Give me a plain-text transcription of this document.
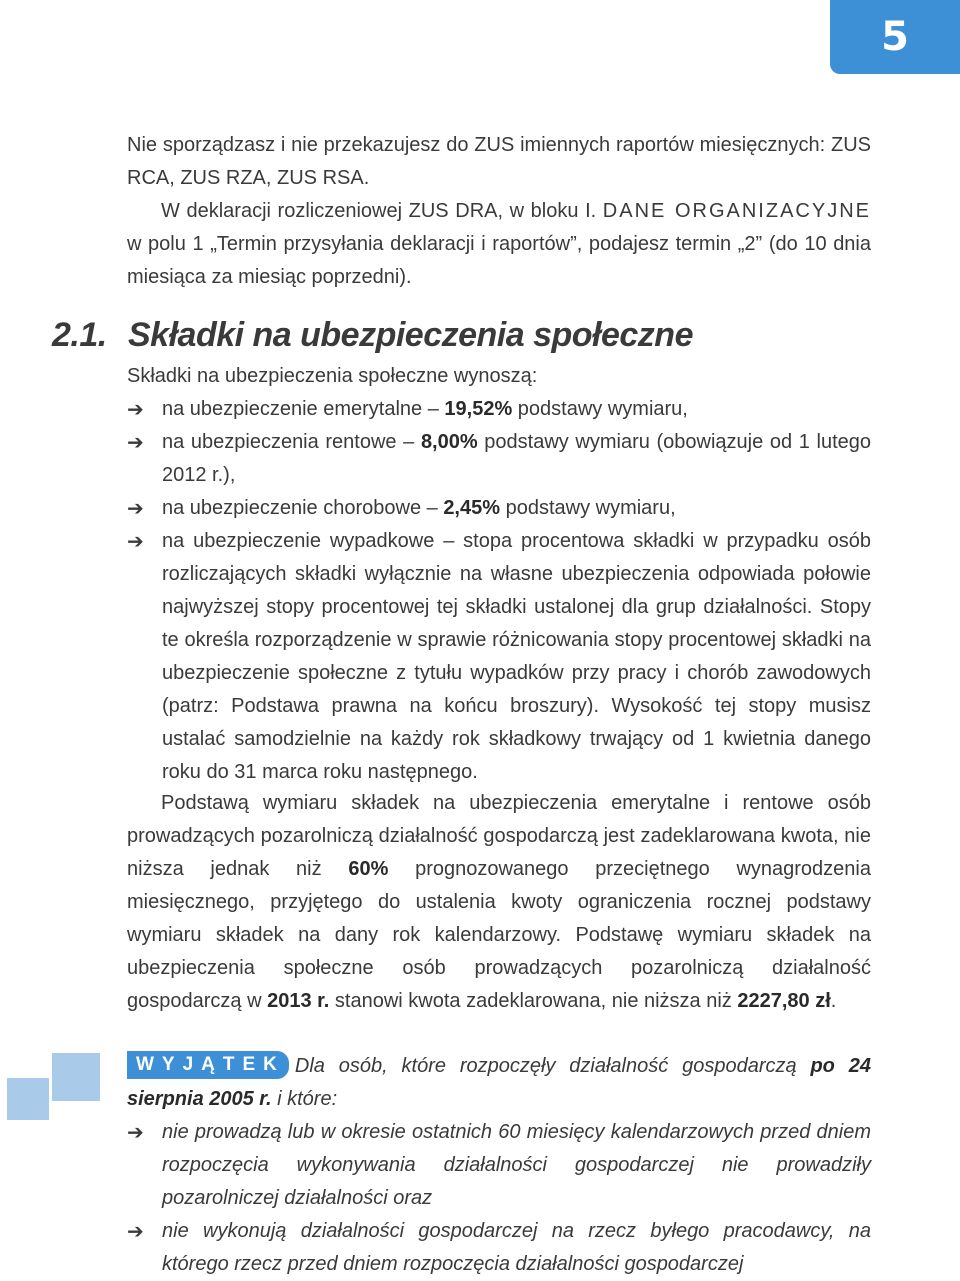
5

Nie sporządzasz i nie przekazujesz do ZUS imiennych raportów miesięcznych: ZUS RCA, ZUS RZA, ZUS RSA.

W deklaracji rozliczeniowej ZUS DRA, w bloku I. DANE ORGANIZACYJNE w polu 1 „Termin przysyłania deklaracji i raportów”, podajesz termin „2” (do 10 dnia miesiąca za miesiąc poprzedni).

2.1. Składki na ubezpieczenia społeczne

Składki na ubezpieczenia społeczne wynoszą:

➔ na ubezpieczenie emerytalne – 19,52% podstawy wymiaru,
➔ na ubezpieczenia rentowe – 8,00% podstawy wymiaru (obowiązuje od 1 lutego 2012 r.),
➔ na ubezpieczenie chorobowe – 2,45% podstawy wymiaru,
➔ na ubezpieczenie wypadkowe – stopa procentowa składki w przypadku osób rozliczających składki wyłącznie na własne ubezpieczenia odpowiada połowie najwyższej stopy procentowej tej składki ustalonej dla grup działalności. Stopy te określa rozporządzenie w sprawie różnicowania stopy procentowej składki na ubezpieczenie społeczne z tytułu wypadków przy pracy i chorób zawodowych (patrz: Podstawa prawna na końcu broszury). Wysokość tej stopy musisz ustalać samodzielnie na każdy rok składkowy trwający od 1 kwietnia danego roku do 31 marca roku następnego.

Podstawą wymiaru składek na ubezpieczenia emerytalne i rentowe osób prowadzących pozarolniczą działalność gospodarczą jest zadeklarowana kwota, nie niższa jednak niż 60% prognozowanego przeciętnego wynagrodzenia miesięcznego, przyjętego do ustalenia kwoty ograniczenia rocznej podstawy wymiaru składek na dany rok kalendarzowy. Podstawę wymiaru składek na ubezpieczenia społeczne osób prowadzących pozarolniczą działalność gospodarczą w 2013 r. stanowi kwota zadeklarowana, nie niższa niż 2227,80 zł.

WYJĄTEK Dla osób, które rozpoczęły działalność gospodarczą po 24 sierpnia 2005 r. i które:

➔ nie prowadzą lub w okresie ostatnich 60 miesięcy kalendarzowych przed dniem rozpoczęcia wykonywania działalności gospodarczej nie prowadziły pozarolniczej działalności oraz
➔ nie wykonują działalności gospodarczej na rzecz byłego pracodawcy, na którego rzecz przed dniem rozpoczęcia działalności gospodarczej
